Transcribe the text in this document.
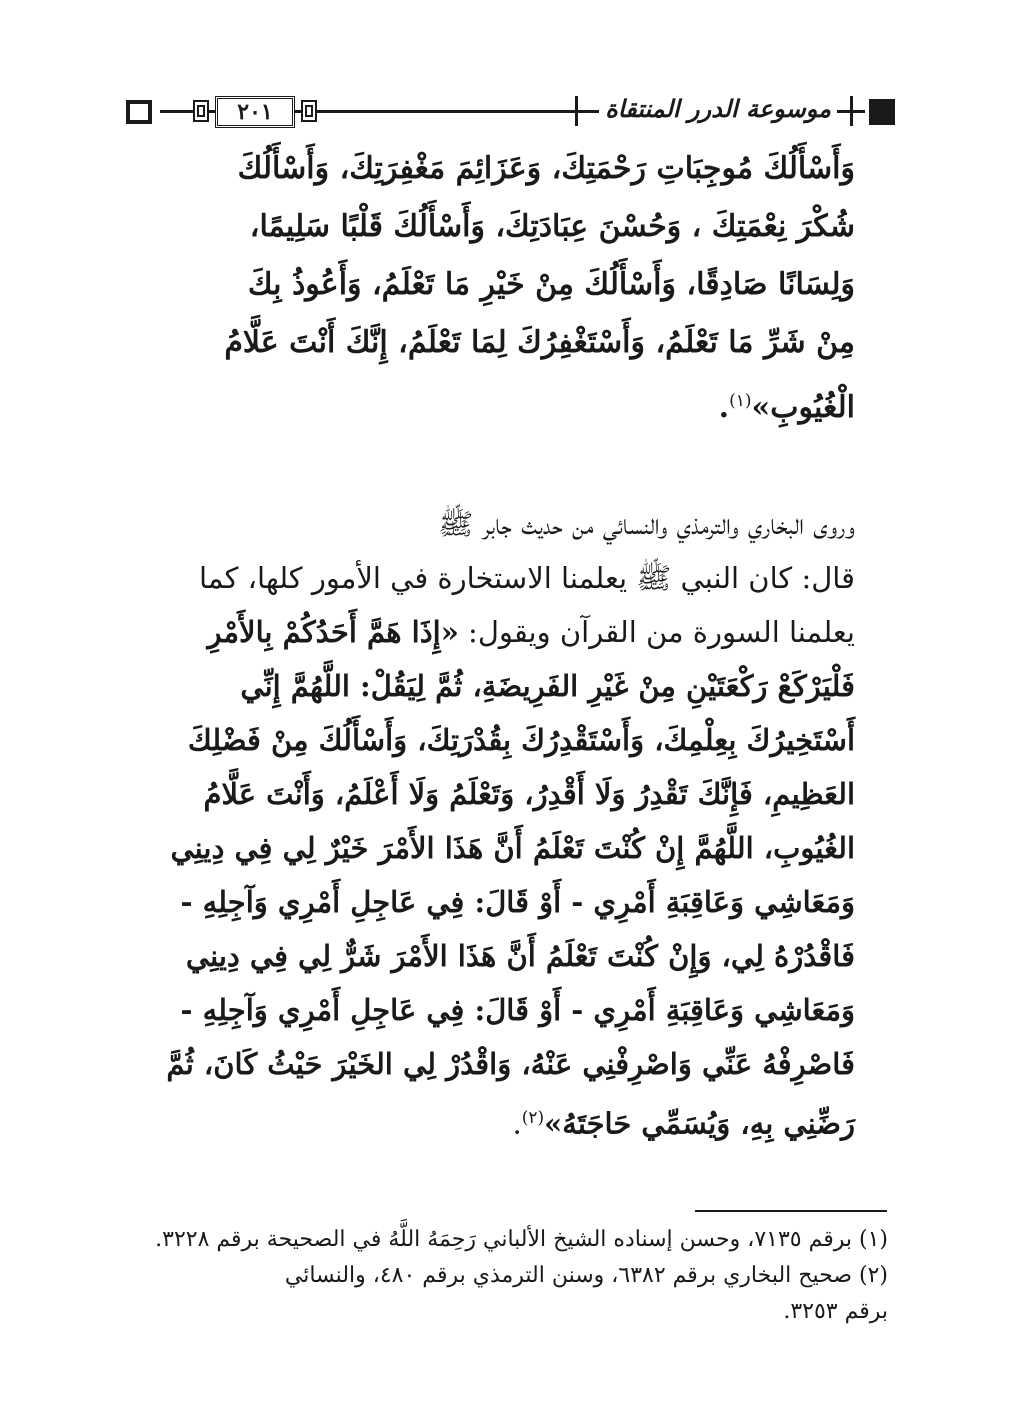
٢٠١	موسوعة الدرر المنتقاة
وَأَسْأَلُكَ مُوجِبَاتِ رَحْمَتِكَ، وَعَزَائِمَ مَغْفِرَتِكَ، وَأَسْأَلُكَ
شُكْرَ نِعْمَتِكَ ، وَحُسْنَ عِبَادَتِكَ، وَأَسْأَلُكَ قَلْبًا سَلِيمًا،
وَلِسَانًا صَادِقًا، وَأَسْأَلُكَ مِنْ خَيْرِ مَا تَعْلَمُ، وَأَعُوذُ بِكَ
مِنْ شَرِّ مَا تَعْلَمُ، وَأَسْتَغْفِرُكَ لِمَا تَعْلَمُ، إِنَّكَ أَنْتَ عَلَّامُ
الْغُيُوبِ»$^{(١)}$.
وروى البخاري والترمذي والنسائي من حديث جابر ﷺ
قال: كان النبي ﷺ يعلمنا الاستخارة في الأمور كلها، كما
يعلمنا السورة من القرآن ويقول: «إِذَا هَمَّ أَحَدُكُمْ بِالأَمْرِ
فَلْيَرْكَعْ رَكْعَتَيْنِ مِنْ غَيْرِ الفَرِيضَةِ، ثُمَّ لِيَقُلْ: اللَّهُمَّ إِنِّي
أَسْتَخِيرُكَ بِعِلْمِكَ، وَأَسْتَقْدِرُكَ بِقُدْرَتِكَ، وَأَسْأَلُكَ مِنْ فَضْلِكَ
العَظِيمِ، فَإِنَّكَ تَقْدِرُ وَلَا أَقْدِرُ، وَتَعْلَمُ وَلَا أَعْلَمُ، وَأَنْتَ عَلَّامُ
الغُيُوبِ، اللَّهُمَّ إِنْ كُنْتَ تَعْلَمُ أَنَّ هَذَا الأَمْرَ خَيْرٌ لِي فِي دِينِي
وَمَعَاشِي وَعَاقِبَةِ أَمْرِي - أَوْ قَالَ: فِي عَاجِلِ أَمْرِي وَآجِلِهِ -
فَاقْدُرْهُ لِي، وَإِنْ كُنْتَ تَعْلَمُ أَنَّ هَذَا الأَمْرَ شَرٌّ لِي فِي دِينِي
وَمَعَاشِي وَعَاقِبَةِ أَمْرِي - أَوْ قَالَ: فِي عَاجِلِ أَمْرِي وَآجِلِهِ -
فَاصْرِفْهُ عَنِّي وَاصْرِفْنِي عَنْهُ، وَاقْدُرْ لِي الخَيْرَ حَيْثُ كَانَ، ثُمَّ
رَضِّنِي بِهِ، وَيُسَمِّي حَاجَتَهُ»$^{(٢)}$.
(١) برقم ٧١٣٥، وحسن إسناده الشيخ الألباني رَحِمَهُ اللَّهُ في الصحيحة برقم ٣٢٢٨.
(٢) صحيح البخاري برقم ٦٣٨٢، وسنن الترمذي برقم ٤٨٠، والنسائي
برقم ٣٢٥٣.
